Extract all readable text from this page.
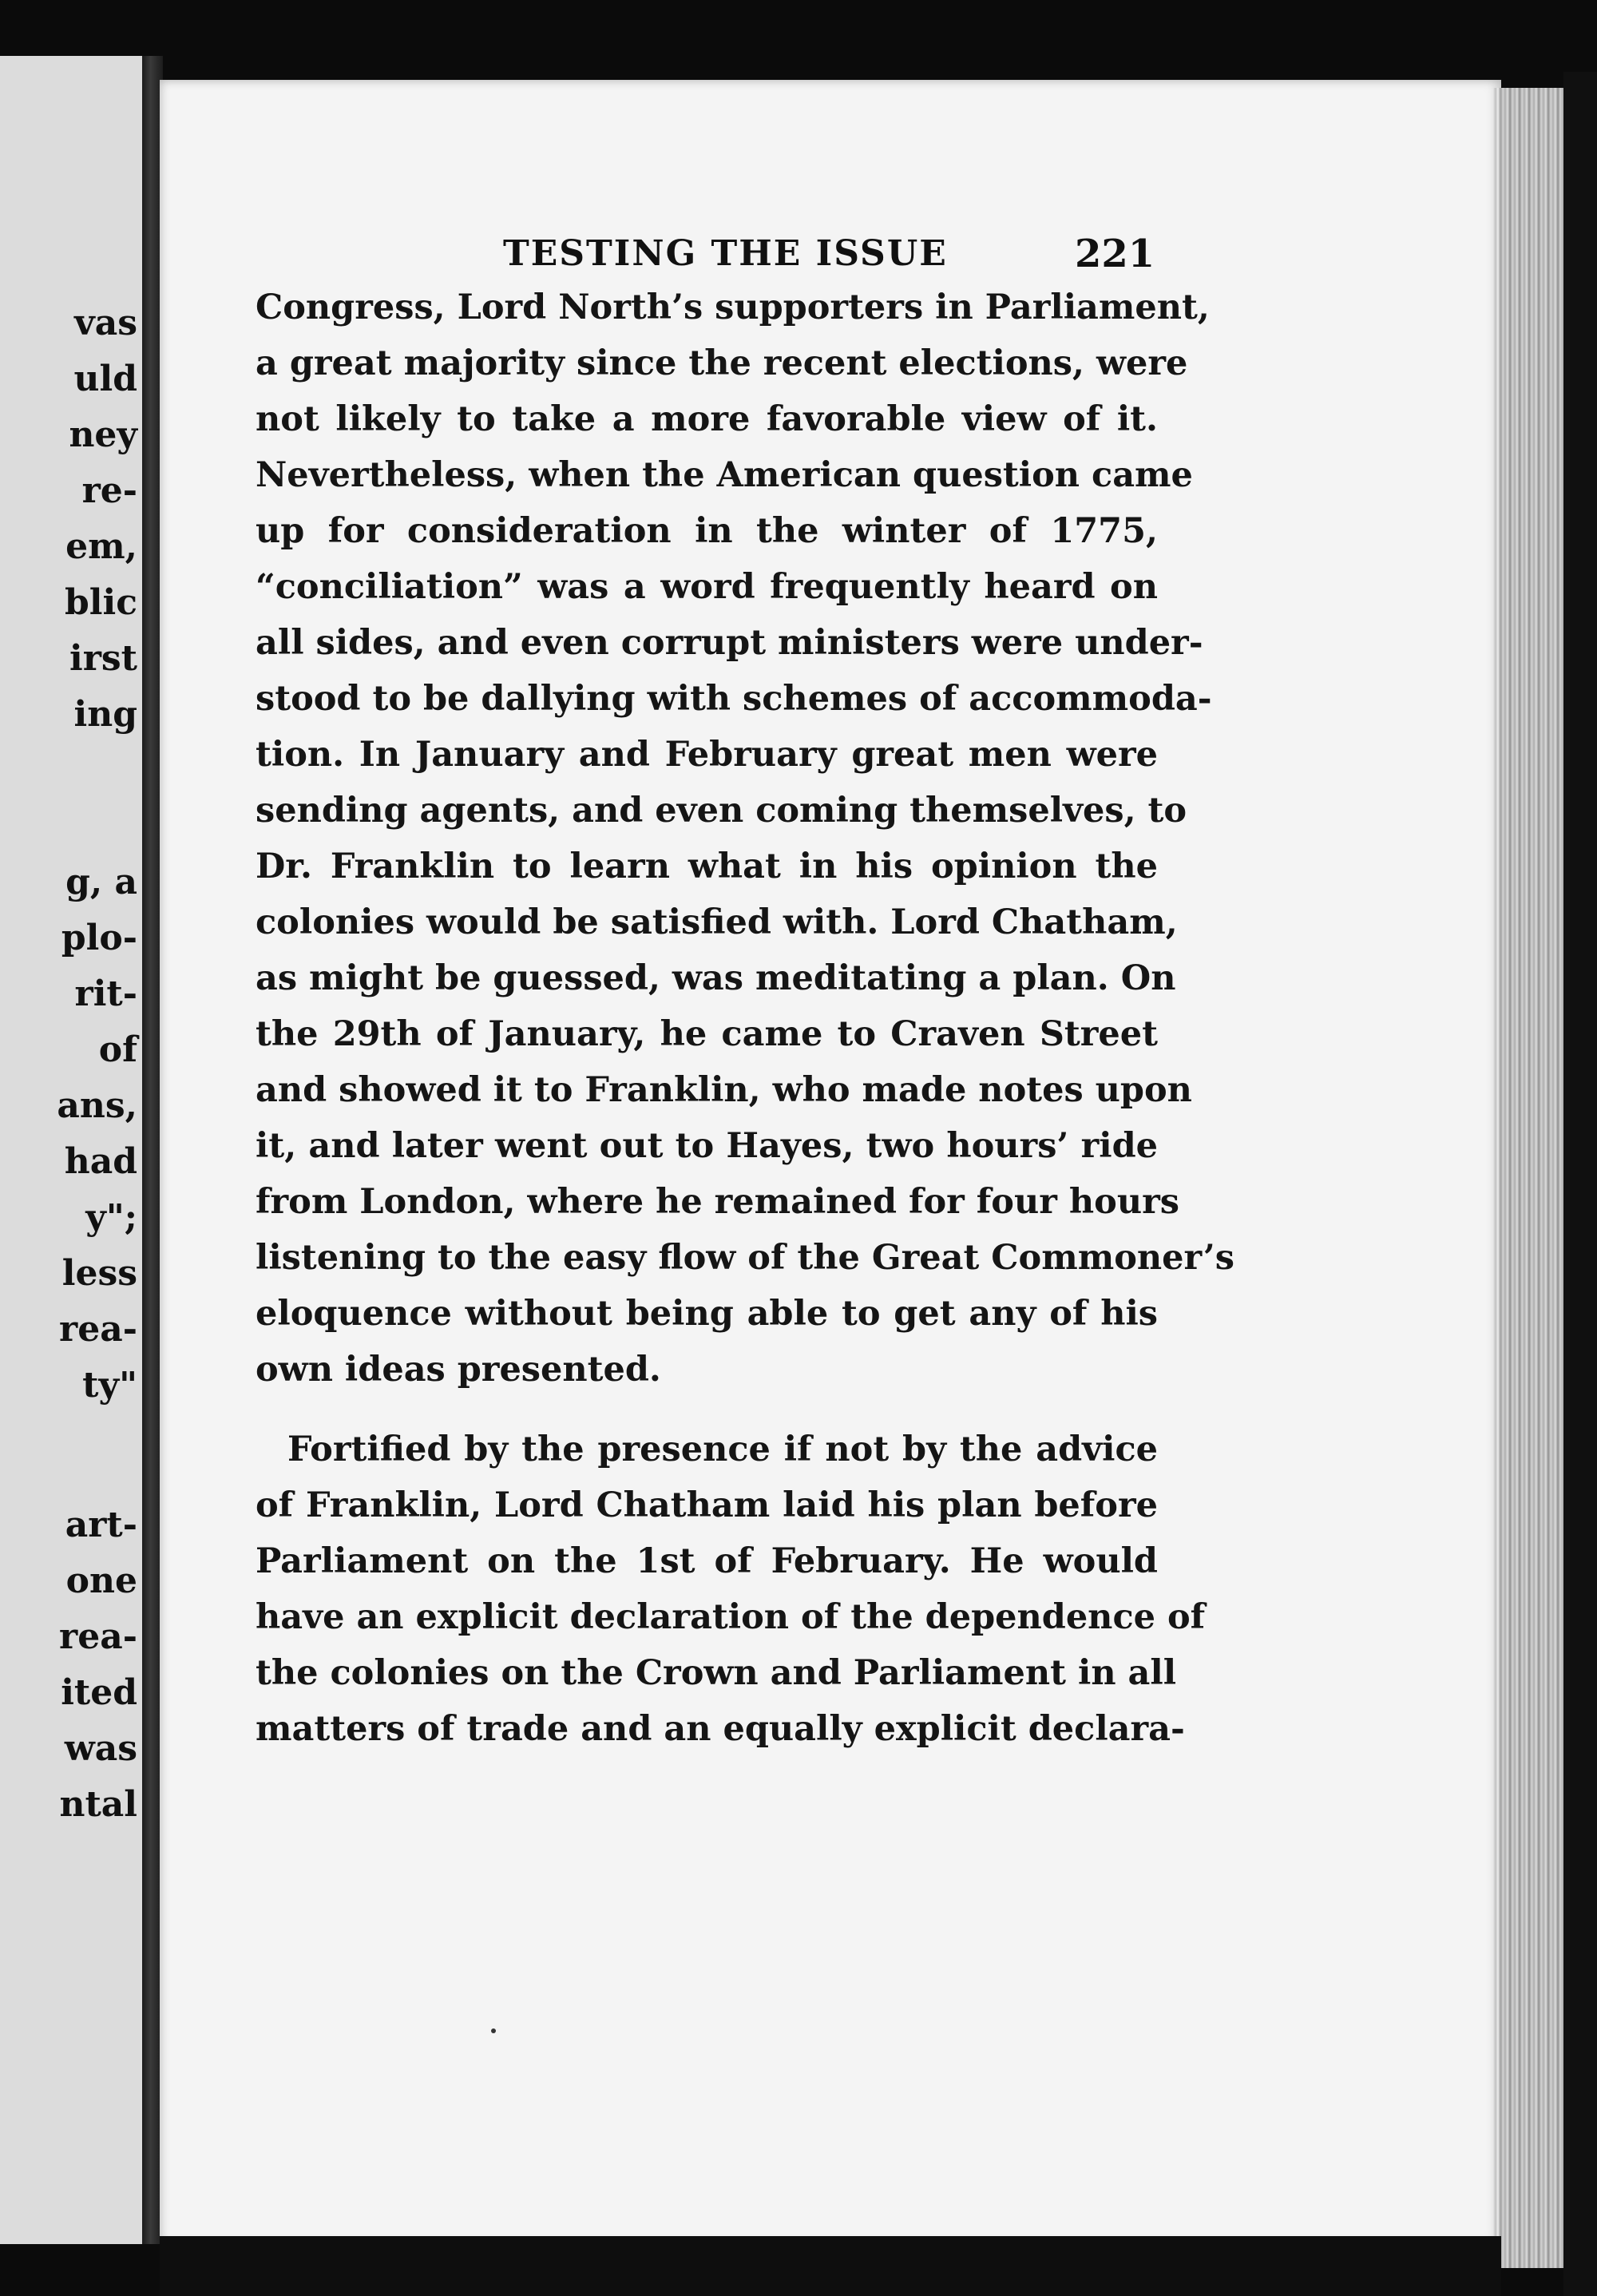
vas

uld

ney

re-

em,

blic

irst

ing

g, a

plo-

rit-

of

ans,

had

y";

less

rea-

ty"

art-

one

rea-

ited

was

ntal

TESTING THE ISSUE	221

Congress, Lord North’s supporters in Parliament,

a great majority since the recent elections, were

not likely to take a more favorable view of it.

Nevertheless, when the American question came

up for consideration in the winter of 1775,

“conciliation” was a word frequently heard on

all sides, and even corrupt ministers were under-

stood to be dallying with schemes of accommoda-

tion. In January and February great men were

sending agents, and even coming themselves, to

Dr. Franklin to learn what in his opinion the

colonies would be satisfied with. Lord Chatham,

as might be guessed, was meditating a plan. On

the 29th of January, he came to Craven Street

and showed it to Franklin, who made notes upon

it, and later went out to Hayes, two hours’ ride

from London, where he remained for four hours

listening to the easy flow of the Great Commoner’s

eloquence without being able to get any of his

own ideas presented.

Fortified by the presence if not by the advice

of Franklin, Lord Chatham laid his plan before

Parliament on the 1st of February. He would

have an explicit declaration of the dependence of

the colonies on the Crown and Parliament in all

matters of trade and an equally explicit declara-
